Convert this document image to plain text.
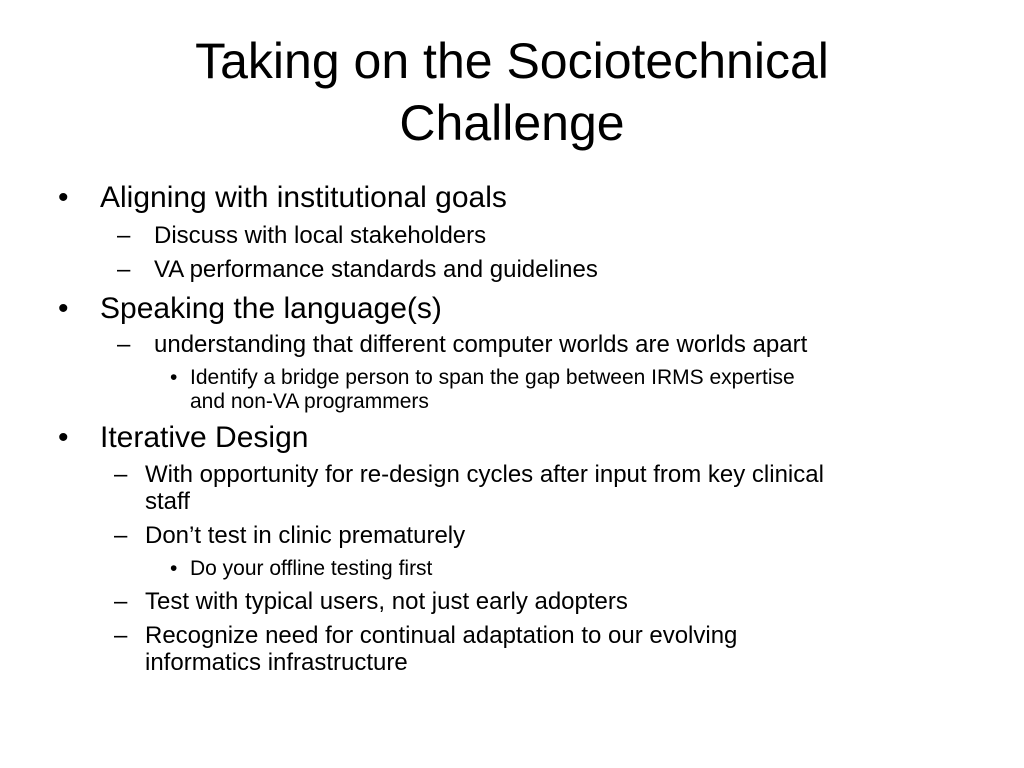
Taking on the Sociotechnical
Challenge
• Aligning with institutional goals
– Discuss with local stakeholders
– VA performance standards and guidelines
• Speaking the language(s)
– understanding that different computer worlds are worlds apart
• Identify a bridge person to span the gap between IRMS expertise
and non-VA programmers
• Iterative Design
– With opportunity for re-design cycles after input from key clinical
staff
– Don’t test in clinic prematurely
• Do your offline testing first
– Test with typical users, not just early adopters
– Recognize need for continual adaptation to our evolving
informatics infrastructure
